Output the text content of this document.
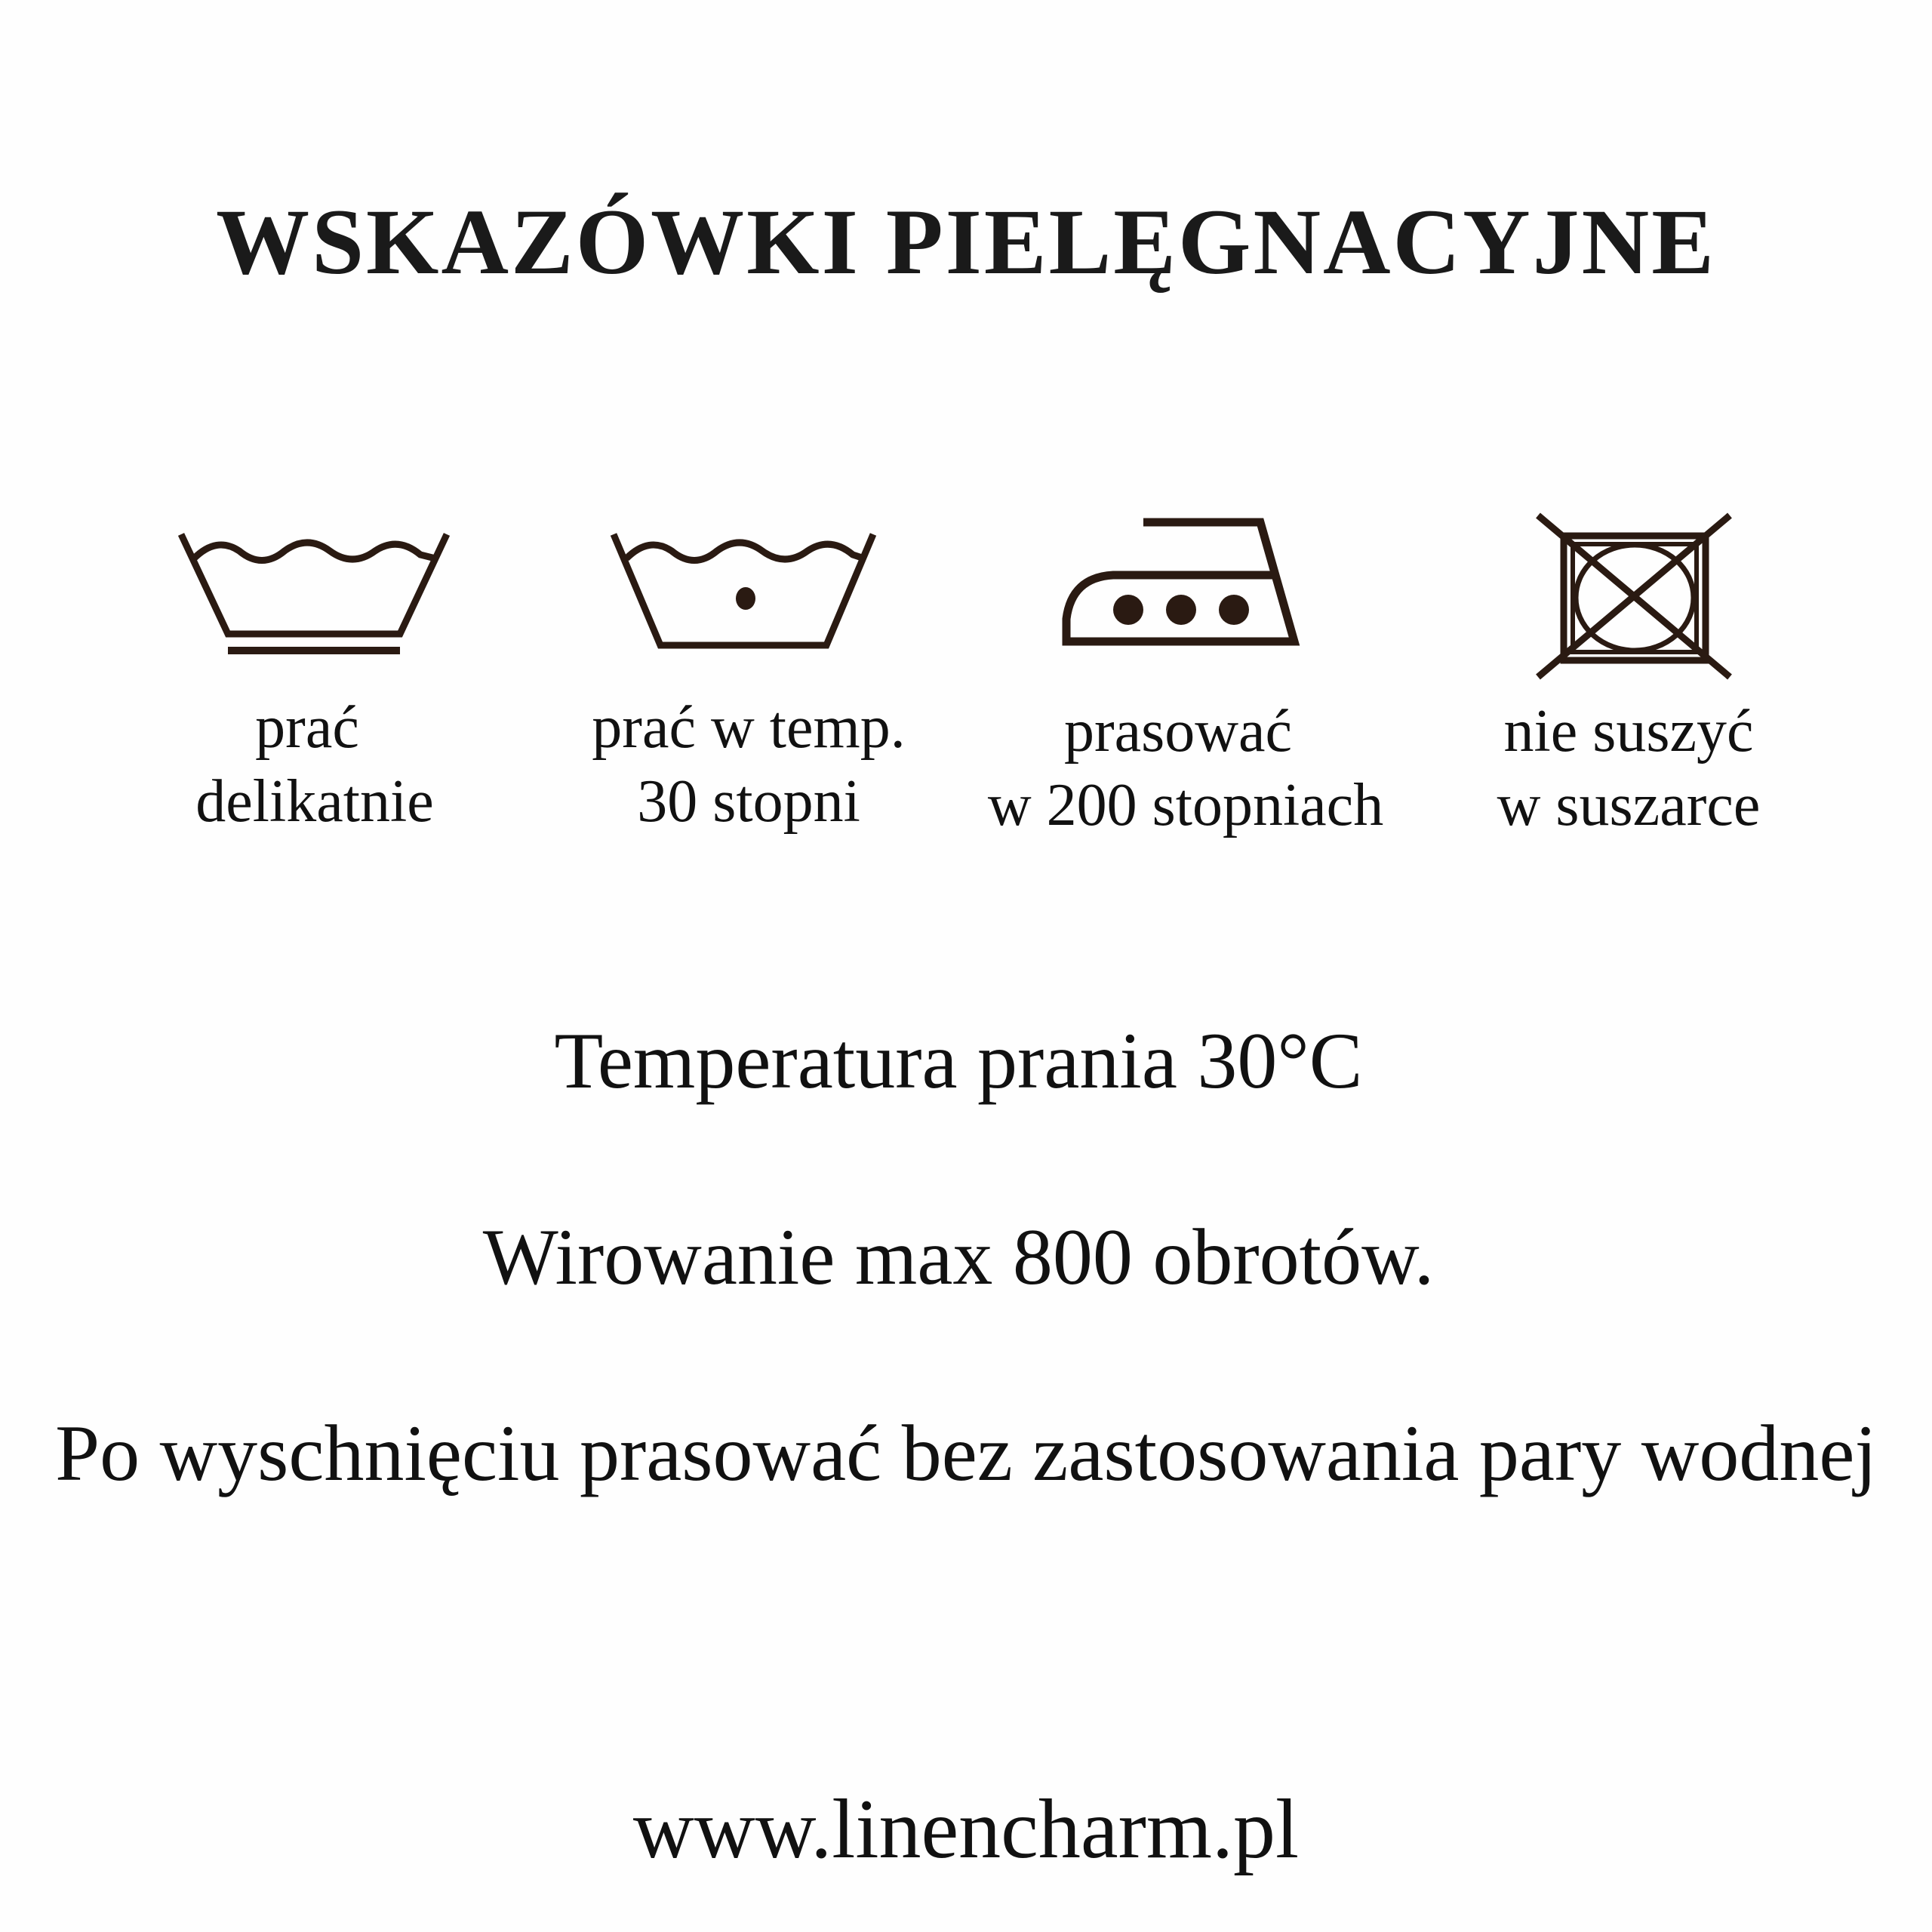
WSKAZÓWKI PIELĘGNACYJNE
prać
delikatnie
prać w temp.
30 stopni
prasować
w 200 stopniach
nie suszyć
w suszarce
Temperatura prania 30°C
Wirowanie max 800 obrotów.
Po wyschnięciu prasować bez zastosowania pary wodnej
www.linencharm.pl
